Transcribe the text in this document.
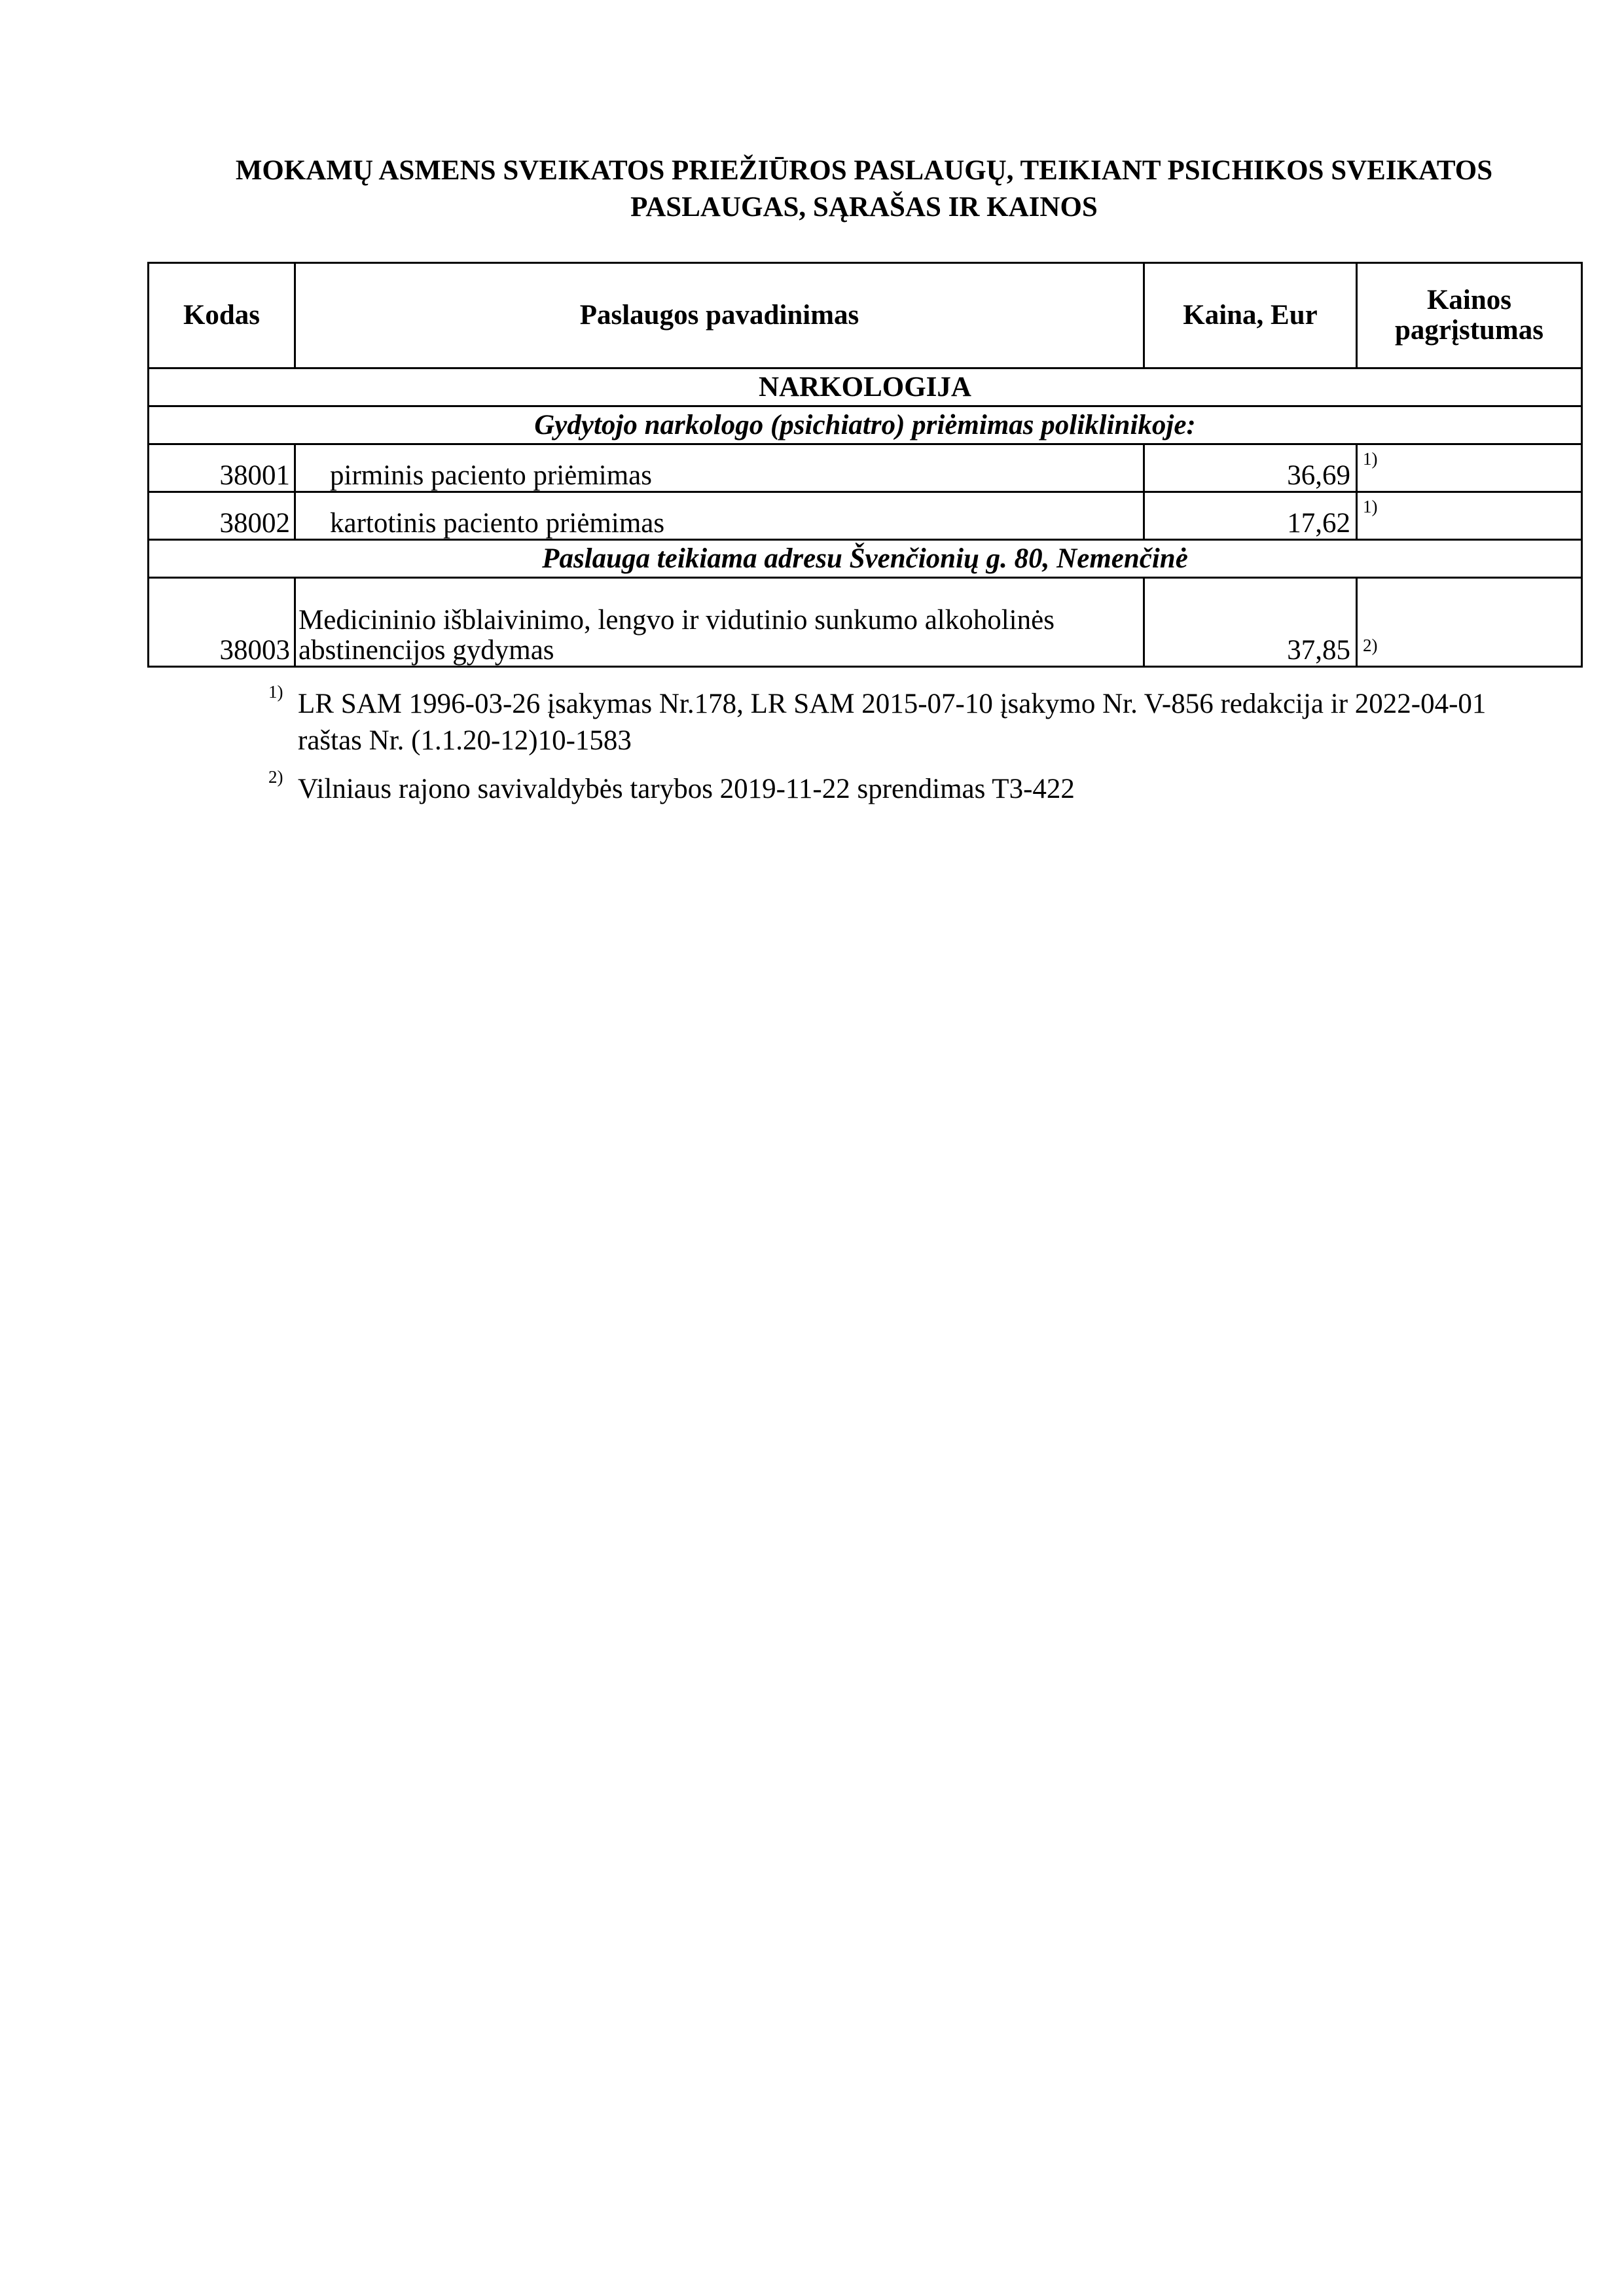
MOKAMŲ ASMENS SVEIKATOS PRIEŽIŪROS PASLAUGŲ, TEIKIANT PSICHIKOS SVEIKATOS
PASLAUGAS, SĄRAŠAS IR KAINOS
Kodas	Paslaugos pavadinimas	Kaina, Eur	Kainos
pagrįstumas

NARKOLOGIJA			
Gydytojo narkologo (psichiatro) priėmimas poliklinikoje:			
38001	pirminis paciento priėmimas	36,69	1)
38002	kartotinis paciento priėmimas	17,62	1)
Paslauga teikiama adresu Švenčionių g. 80, Nemenčinė			
38003	Medicininio išblaivinimo, lengvo ir vidutinio sunkumo alkoholinės
abstinencijos gydymas	37,85	2)
1) LR SAM 1996-03-26 įsakymas Nr.178, LR SAM 2015-07-10 įsakymo Nr. V-856 redakcija ir 2022-04-01
raštas Nr. (1.1.20-12)10-1583
2) Vilniaus rajono savivaldybės tarybos 2019-11-22 sprendimas T3-422
